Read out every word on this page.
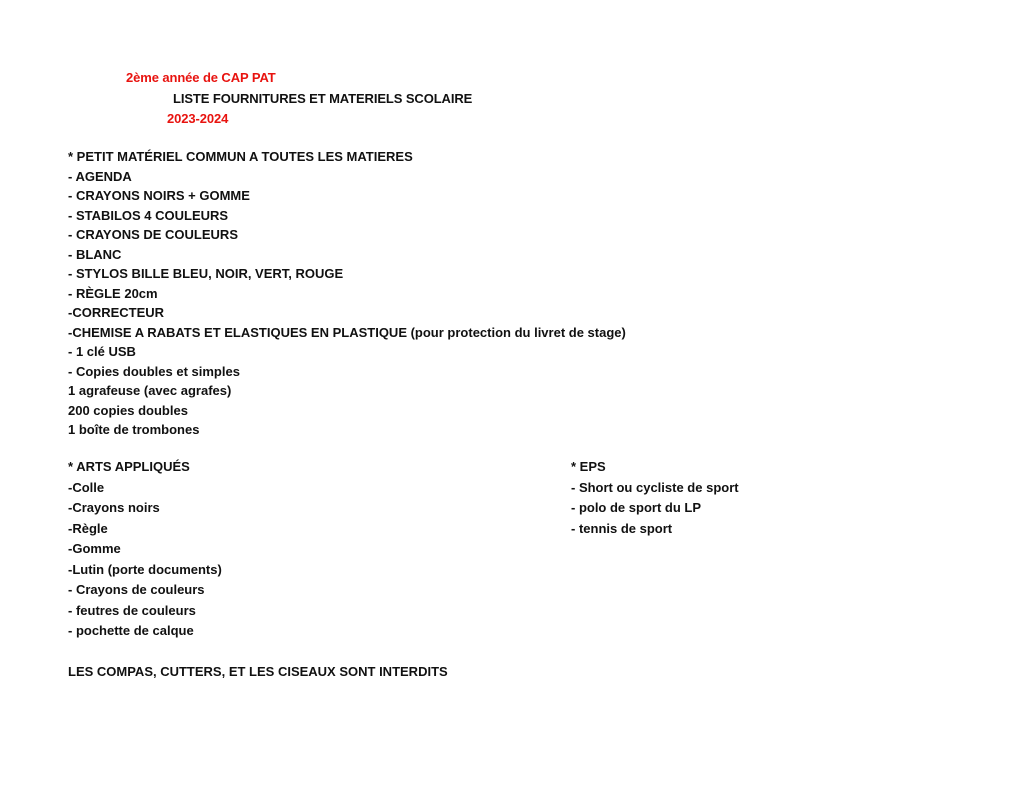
2ème année de CAP PAT
LISTE FOURNITURES ET MATERIELS SCOLAIRE
2023-2024
* PETIT MATÉRIEL COMMUN A TOUTES LES MATIERES
- AGENDA
- CRAYONS NOIRS + GOMME
- STABILOS 4 COULEURS
- CRAYONS DE COULEURS
- BLANC
- STYLOS BILLE BLEU, NOIR, VERT, ROUGE
- RÈGLE 20cm
-CORRECTEUR
-CHEMISE A RABATS ET ELASTIQUES EN PLASTIQUE (pour protection du livret de stage)
- 1 clé USB
- Copies doubles et simples
1 agrafeuse (avec agrafes)
200 copies doubles
1 boîte de trombones
* ARTS APPLIQUÉS
-Colle
-Crayons noirs
-Règle
-Gomme
-Lutin (porte documents)
- Crayons de couleurs
- feutres de couleurs
- pochette de calque
LES COMPAS, CUTTERS, ET LES CISEAUX SONT INTERDITS
* EPS
- Short ou cycliste de sport
- polo de sport du LP
- tennis de sport
